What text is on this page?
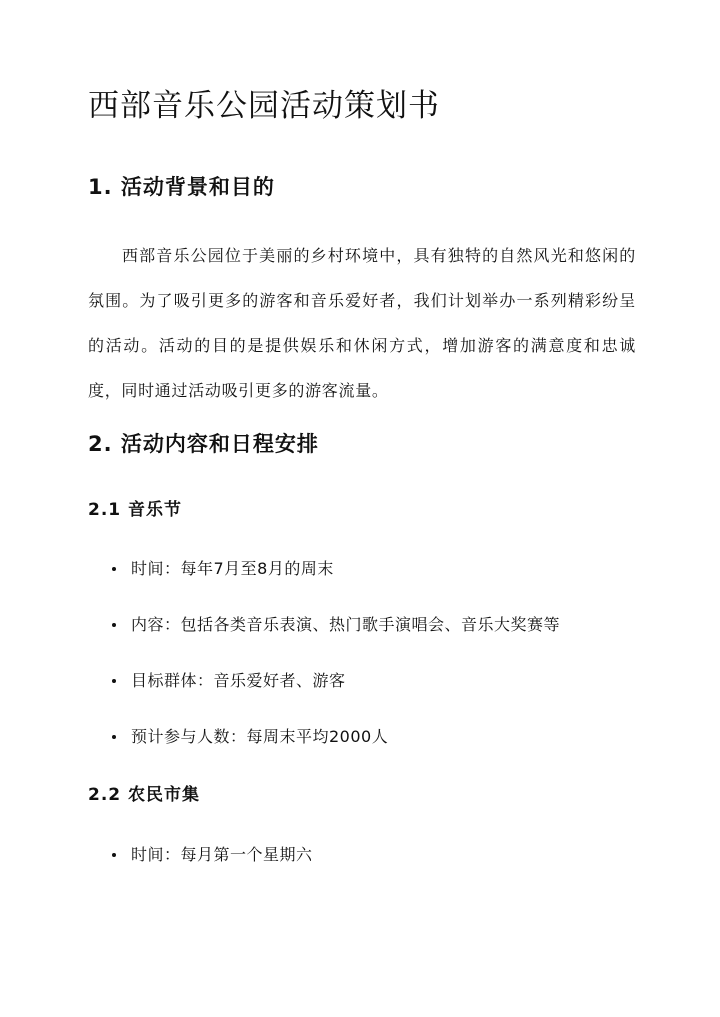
西部音乐公园活动策划书
1. 活动背景和目的

西部音乐公园位于美丽的乡村环境中，具有独特的自然风光和悠闲的氛围。为了吸引更多的游客和音乐爱好者，我们计划举办一系列精彩纷呈的活动。活动的目的是提供娱乐和休闲方式，增加游客的满意度和忠诚度，同时通过活动吸引更多的游客流量。

2. 活动内容和日程安排
2.1 音乐节
时间：每年7月至8月的周末
内容：包括各类音乐表演、热门歌手演唱会、音乐大奖赛等
目标群体：音乐爱好者、游客
预计参与人数：每周末平均2000人
2.2 农民市集
时间：每月第一个星期六
